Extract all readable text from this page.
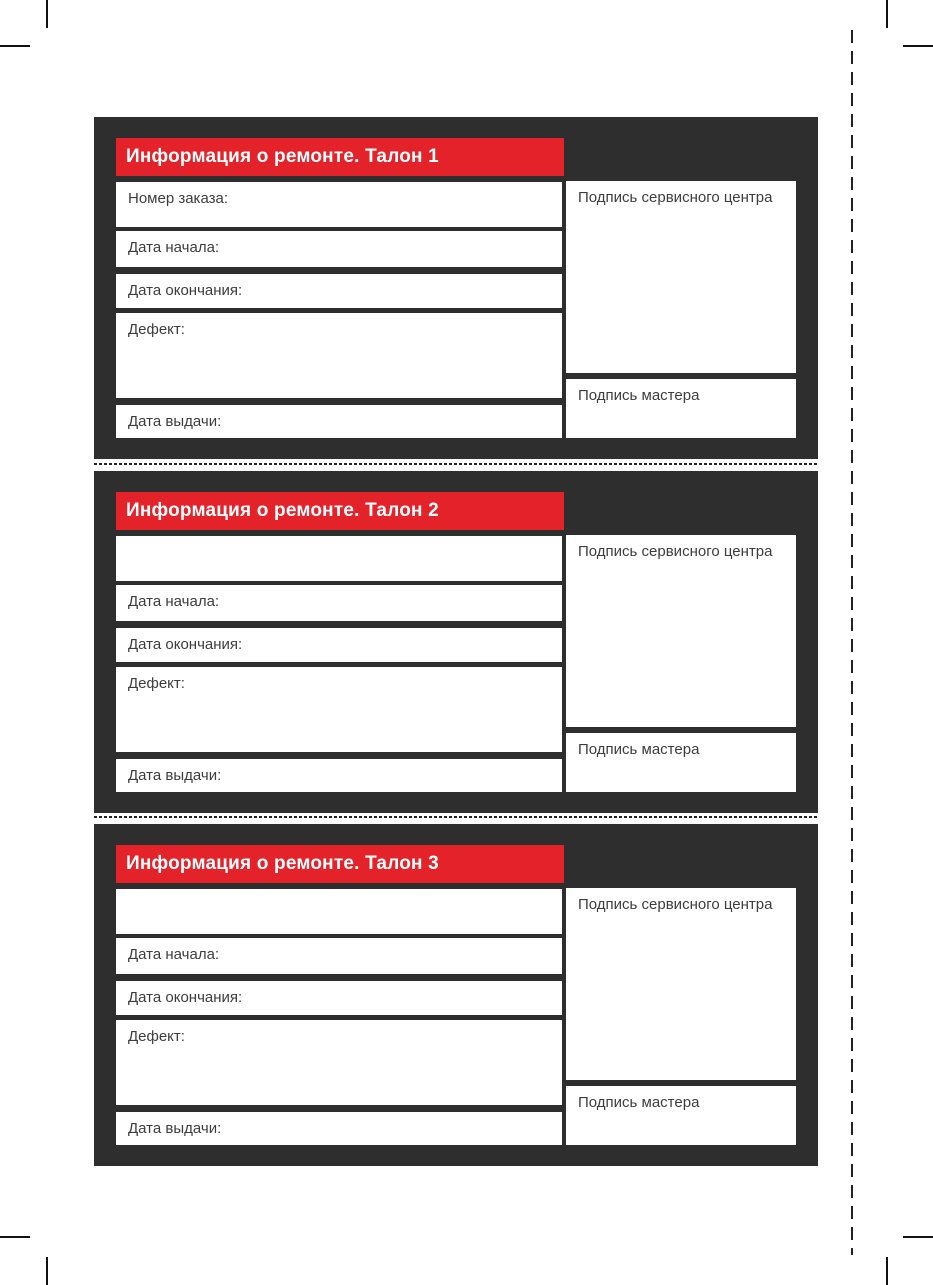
Информация о ремонте. Талон 1
Номер заказа:
Дата начала:
Дата окончания:
Дефект:
Дата выдачи:
Подпись сервисного центра
Подпись мастера
Информация о ремонте. Талон 2
Дата начала:
Дата окончания:
Дефект:
Дата выдачи:
Подпись сервисного центра
Подпись мастера
Информация о ремонте. Талон 3
Дата начала:
Дата окончания:
Дефект:
Дата выдачи:
Подпись сервисного центра
Подпись мастера
